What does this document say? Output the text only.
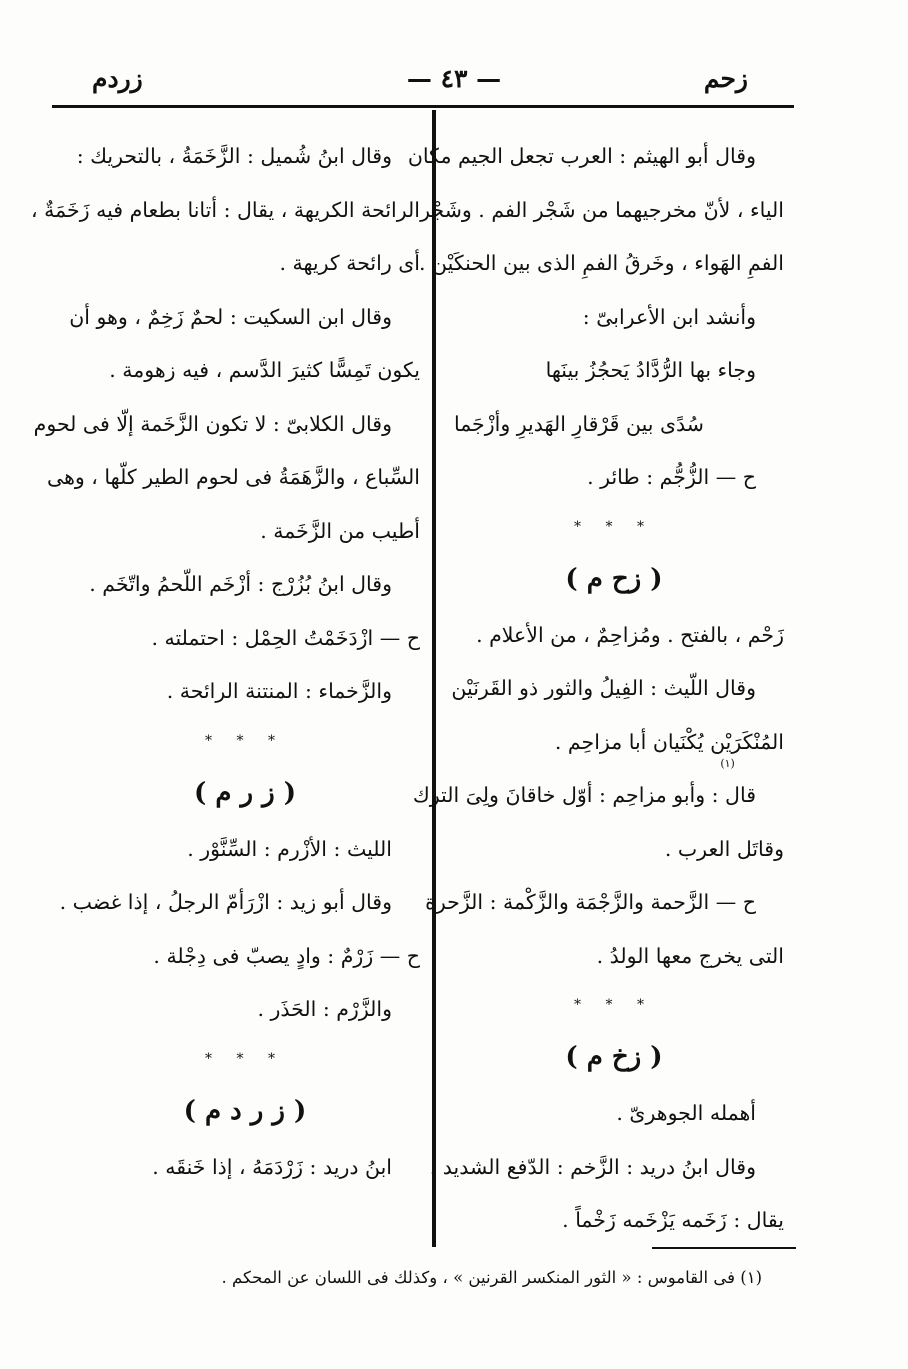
زحم
— ٤٣ —
زردم
وقال أبو الهيثم : العرب تجعل الجيم مكان
الياء ، لأنّ مخرجيهما من شَجْر الفم . وشَجْر
الفمِ الهَواء ، وخَرقُ الفمِ الذى بين الحنكَيْن .
وأنشد ابن الأعرابىّ :
وجاء بها الرُّدَّادُ يَحجُزُ بينَها
سُدًى بين قَرْقارِ الهَديرِ وأزْجَما
ح — الزُّجُّم : طائر .
* * *
( زح م )
زَحْم ، بالفتح . ومُزاحِمٌ ، من الأعلام .
وقال اللّيث : الفِيلُ والثور ذو القَرنَيْن
المُنْكَرَيْن يُكْنَيان أبا مزاحِم $._{(١)}$
قال : وأبو مزاحِم : أوّل خاقانَ ولِىَ الترك
وقاتَل العرب .
ح — الزَّحمة والزَّجْمَة والزَّكْمة : الزَّحرة
التى يخرج معها الولدُ .
* * *
( زخ م )
أهمله الجوهرىّ .
وقال ابنُ دريد : الزَّخم : الدّفع الشديد ،
يقال : زَخَمه يَزْخَمه زَخْماً .
وقال ابنُ شُميل : الزَّخَمَةُ ، بالتحريك :
الرائحة الكريهة ، يقال : أتانا بطعام فيه زَخَمَةٌ ،
أى رائحة كريهة .
وقال ابن السكيت : لحمٌ زَخِمٌ ، وهو أن
يكون تَمِسًّا كثيرَ الدَّسم ، فيه زهومة .
وقال الكلابىّ : لا تكون الزَّخَمة إلّا فى لحوم
السِّباع ، والزَّهَمَةُ فى لحوم الطير كلّها ، وهى
أطيب من الزَّخَمة .
وقال ابنُ بُزُرْج : أزْخَم اللّحمُ واتّخَم .
ح — ازْدَخَمْتُ الحِمْل : احتملته .
والزَّخماء : المنتنة الرائحة .
* * *
( ز ر م )
الليث : الأزْرم : السِّنَّوْر .
وقال أبو زيد : ازْرَأمّ الرجلُ ، إذا غضب .
ح — زَرْمٌ : وادٍ يصبّ فى دِجْلة .
والزَّرْم : الحَذَر .
* * *
( ز ر د م )
ابنُ دريد : زَرْدَمَهُ ، إذا خَنقَه .
(١) فى القاموس : « الثور المنكسر القرنين » ، وكذلك فى اللسان عن المحكم .
